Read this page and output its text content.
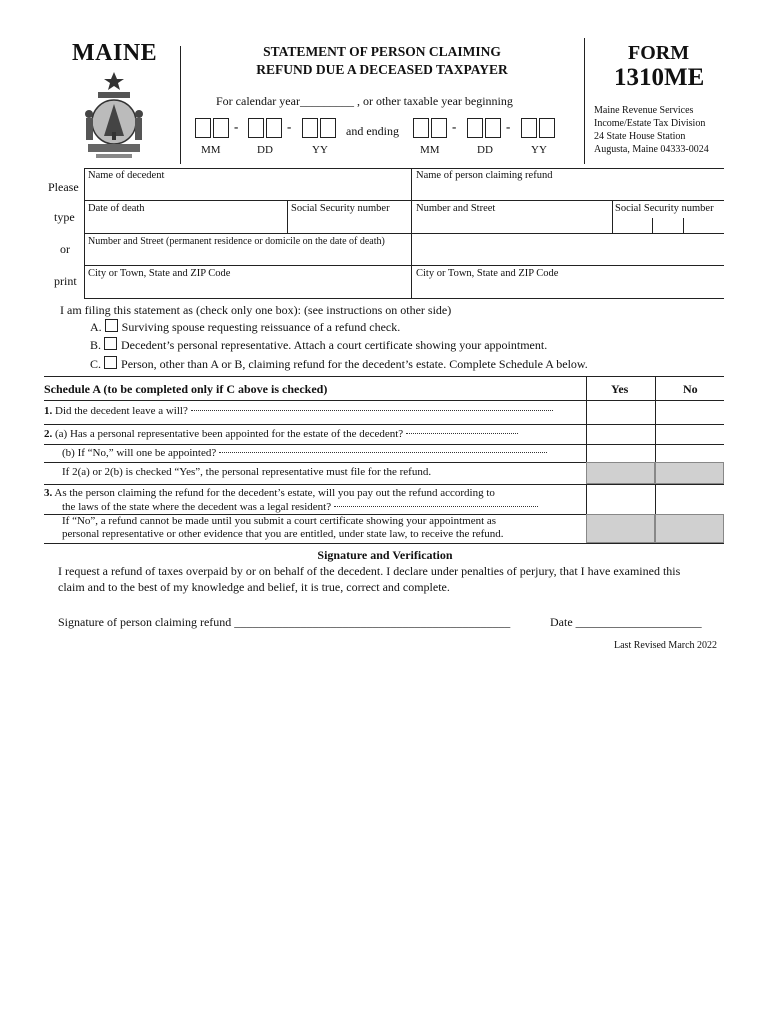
MAINE	STATEMENT OF PERSON CLAIMING
REFUND DUE A DECEASED TAXPAYER
For calendar year_________ , or other taxable year beginning
-	-	and ending	-	-
MM	DD	YY	MM	DD	YY
FORM
1310ME
Maine Revenue Services
Income/Estate Tax Division
24 State House Station
Augusta, Maine 04333-0024
Please
type
or
print
Name of decedent	Name of person claiming refund
Date of death	Social Security number	Number and Street	Social Security number
Number and Street (permanent residence or domicile on the date of death)
City or Town, State and ZIP Code	City or Town, State and ZIP Code
I am filing this statement as (check only one box): (see instructions on other side)
A. Surviving spouse requesting reissuance of a refund check.
B. Decedent’s personal representative. Attach a court certificate showing your appointment.
C. Person, other than A or B, claiming refund for the decedent’s estate. Complete Schedule A below.
Schedule A (to be completed only if C above is checked)	Yes	No
1. Did the decedent leave a will?
2. (a) Has a personal representative been appointed for the estate of the decedent?
(b) If “No,” will one be appointed?
If 2(a) or 2(b) is checked “Yes”, the personal representative must file for the refund.
3. As the person claiming the refund for the decedent’s estate, will you pay out the refund according to
the laws of the state where the decedent was a legal resident?
If “No”, a refund cannot be made until you submit a court certificate showing your appointment as
personal representative or other evidence that you are entitled, under state law, to receive the refund.
Signature and Verification
I request a refund of taxes overpaid by or on behalf of the decedent. I declare under penalties of perjury, that I have examined this
claim and to the best of my knowledge and belief, it is true, correct and complete.
Signature of person claiming refund ______________________________________________	Date _____________________
Last Revised March 2022
